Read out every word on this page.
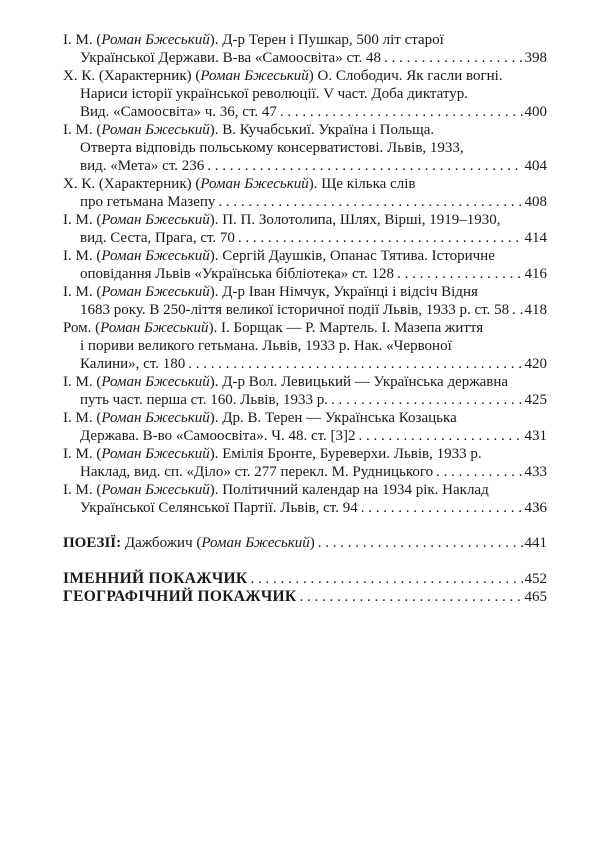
І. М. (Роман Бжеський). Д-р Терен і Пушкар, 500 літ старої
Української Держави. В-ва «Самоосвіта» ст. 48 . . .	398
Х. К. (Характерник) (Роман Бжеський) О. Слободич. Як гасли вогні.
Нариси історії української революції. V част. Доба диктатур.
Вид. «Самоосвіта» ч. 36, ст. 47 . . .	400
І. М. (Роман Бжеський). В. Кучабськиї. Україна і Польща.
Отверта відповідь польському консерватистові. Львів, 1933,
вид. «Мета» ст. 236 . . .	404
Х. К. (Характерник) (Роман Бжеський). Ще кілька слів
про гетьмана Мазепу . . .	408
І. М. (Роман Бжеський). П. П. Золотолипа, Шлях, Вірші, 1919–1930,
вид. Сеста, Прага, ст. 70 . . .	414
І. М. (Роман Бжеський). Сергій Даушків, Опанас Тятива. Історичне
оповідання Львів «Українська бібліотека» ст. 128 . . .	416
І. М. (Роман Бжеський). Д-р Іван Німчук, Українці і відсіч Відня
1683 року. В 250-ліття великої історичної події Львів, 1933 р. ст. 58 . . . 418
Ром. (Роман Бжеський). І. Борщак — Р. Мартель. І. Мазепа життя
і пориви великого гетьмана. Львів, 1933 р. Нак. «Червоної
Калини», ст. 180 . . .	420
І. М. (Роман Бжеський). Д-р Вол. Левицький — Українська державна
путь част. перша ст. 160. Львів, 1933 р. . . .	425
І. М. (Роман Бжеський). Др. В. Терен — Українська Козацька
Держава. В-во «Самоосвіта». Ч. 48. ст. [3]2 . . .	431
І. М. (Роман Бжеський). Емілія Бронте, Буреверхи. Львів, 1933 р.
Наклад, вид. сп. «Діло» ст. 277 перекл. М. Рудницького . . .	433
І. М. (Роман Бжеський). Політичний календар на 1934 рік. Наклад
Української Селянської Партії. Львів, ст. 94 . . .	436
ПОЕЗІЇ: Дажбожич (Роман Бжеський) . . .	441
ІМЕННИЙ ПОКАЖЧИК . . .	452
ГЕОГРАФІЧНИЙ ПОКАЖЧИК . . .	465
